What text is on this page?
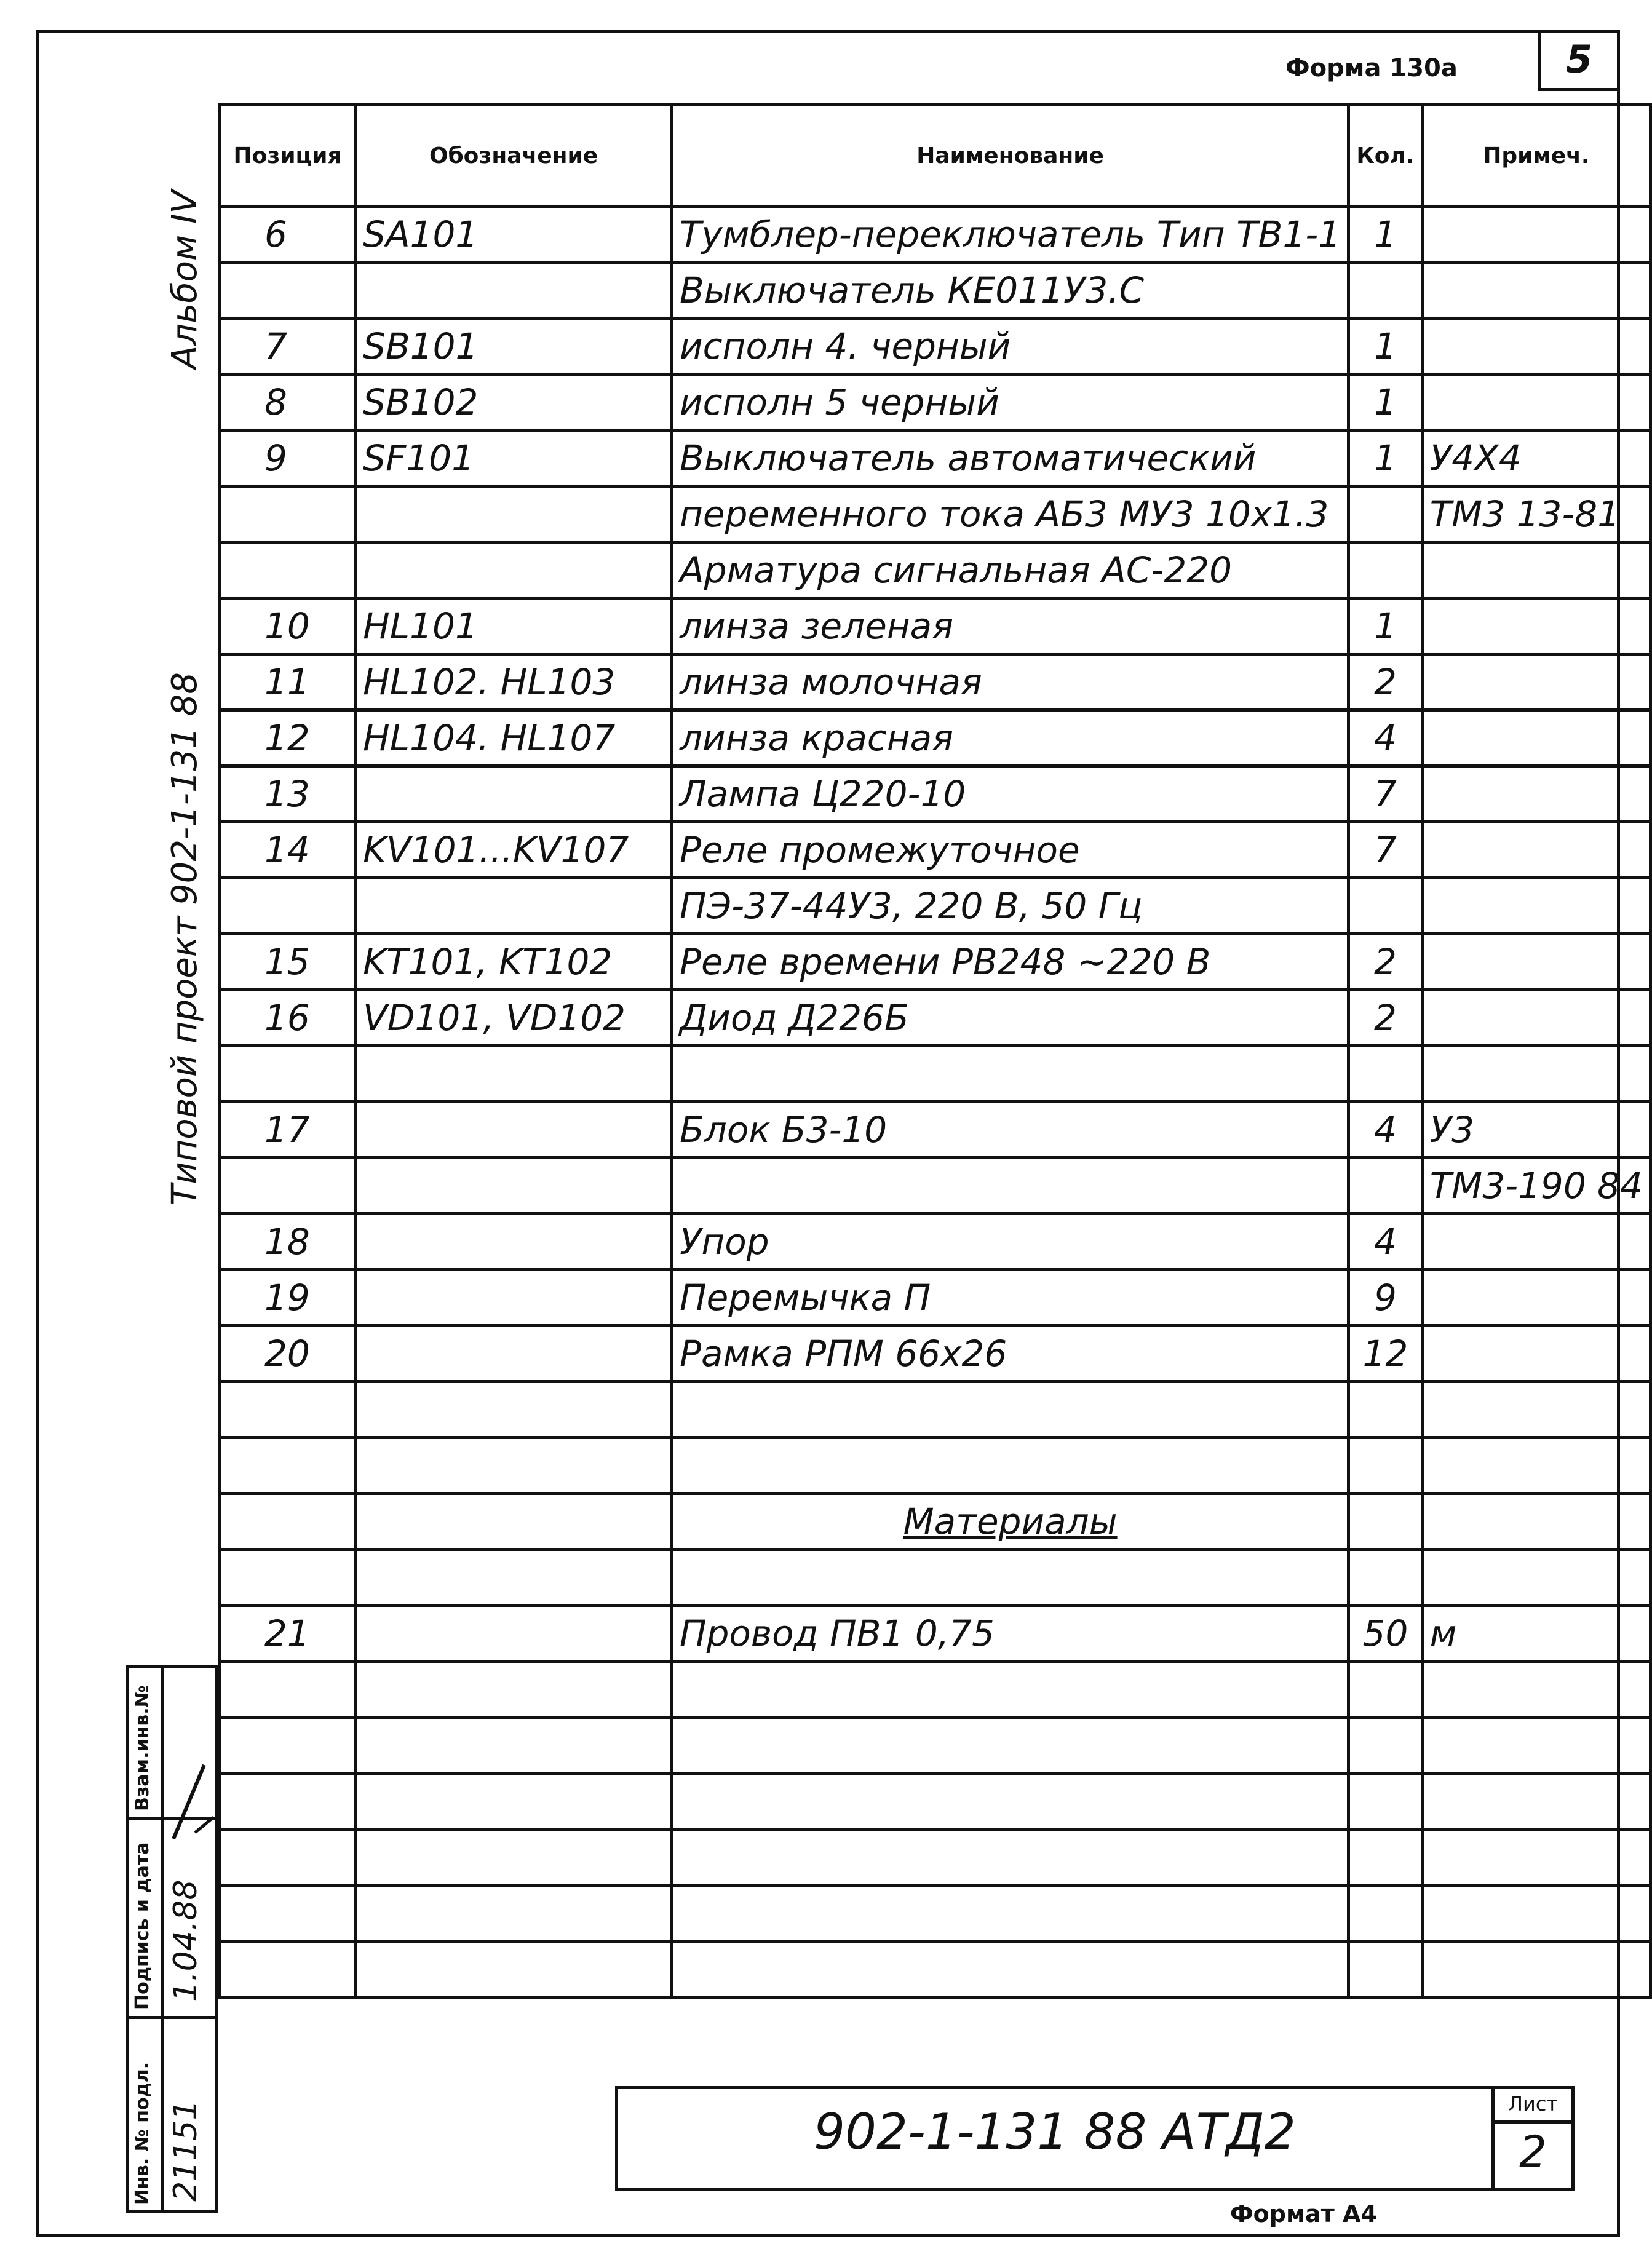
5
Форма 130а
Позиция	Обозначение	Наименование	Кол.	Примеч.
6	SA101	Тумблер-переключатель Тип ТВ1-1	1	
		Выключатель КЕ011У3.С		
7	SB101	исполн 4. черный	1	
8	SB102	исполн 5 черный	1	
9	SF101	Выключатель автоматический	1	У4Х4
		переменного тока АБ3 МУ3 10х1.3		ТМ3 13-81
		Арматура сигнальная АС-220		
10	HL101	линза зеленая	1	
11	HL102. HL103	линза молочная	2	
12	HL104. HL107	линза красная	4	
13		Лампа Ц220-10	7	
14	KV101...KV107	Реле промежуточное	7	
		ПЭ-37-44У3, 220 В, 50 Гц		
15	KT101, KT102	Реле времени РВ248 ~220 В	2	
16	VD101, VD102	Диод Д226Б	2	

17		Блок Б3-10	4	У3
				ТМ3-190 84
18		Упор	4	
19		Перемычка П	9	
20		Рамка РПМ 66х26	12	

		Материалы		

21		Провод ПВ1 0,75	50	м

Альбом IV
Типовой проект 902-1-131 88
Взам.инв.№
Подпись и дата
Инв. № подл.
1.04.88
21151	902-1-131 88 АТД2	Лист
2
Формат А4
